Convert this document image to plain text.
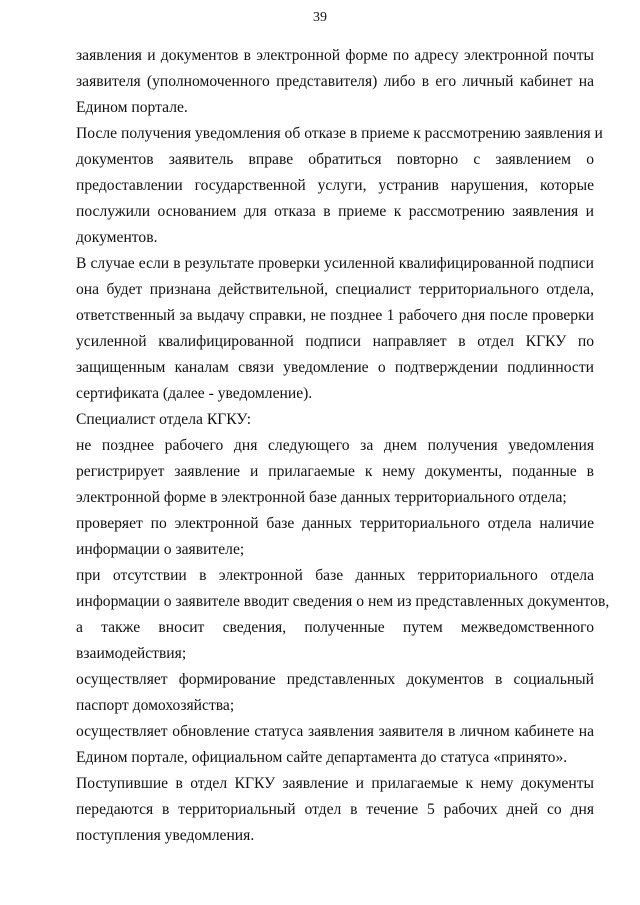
39

заявления и документов в электронной форме по адресу электронной почты
заявителя (уполномоченного представителя) либо в его личный кабинет на
Едином портале.

После получения уведомления об отказе в приеме к рассмотрению заявления и
документов заявитель вправе обратиться повторно с заявлением о
предоставлении государственной услуги, устранив нарушения, которые
послужили основанием для отказа в приеме к рассмотрению заявления и
документов.

В случае если в результате проверки усиленной квалифицированной подписи
она будет признана действительной, специалист территориального отдела,
ответственный за выдачу справки, не позднее 1 рабочего дня после проверки
усиленной квалифицированной подписи направляет в отдел КГКУ по
защищенным каналам связи уведомление о подтверждении подлинности
сертификата (далее - уведомление).

Специалист отдела КГКУ:

не позднее рабочего дня следующего за днем получения уведомления
регистрирует заявление и прилагаемые к нему документы, поданные в
электронной форме в электронной базе данных территориального отдела;

проверяет по электронной базе данных территориального отдела наличие
информации о заявителе;

при отсутствии в электронной базе данных территориального отдела
информации о заявителе вводит сведения о нем из представленных документов,
а также вносит сведения, полученные путем межведомственного
взаимодействия;

осуществляет формирование представленных документов в социальный
паспорт домохозяйства;

осуществляет обновление статуса заявления заявителя в личном кабинете на
Едином портале, официальном сайте департамента до статуса «принято».

Поступившие в отдел КГКУ заявление и прилагаемые к нему документы
передаются в территориальный отдел в течение 5 рабочих дней со дня
поступления уведомления.
